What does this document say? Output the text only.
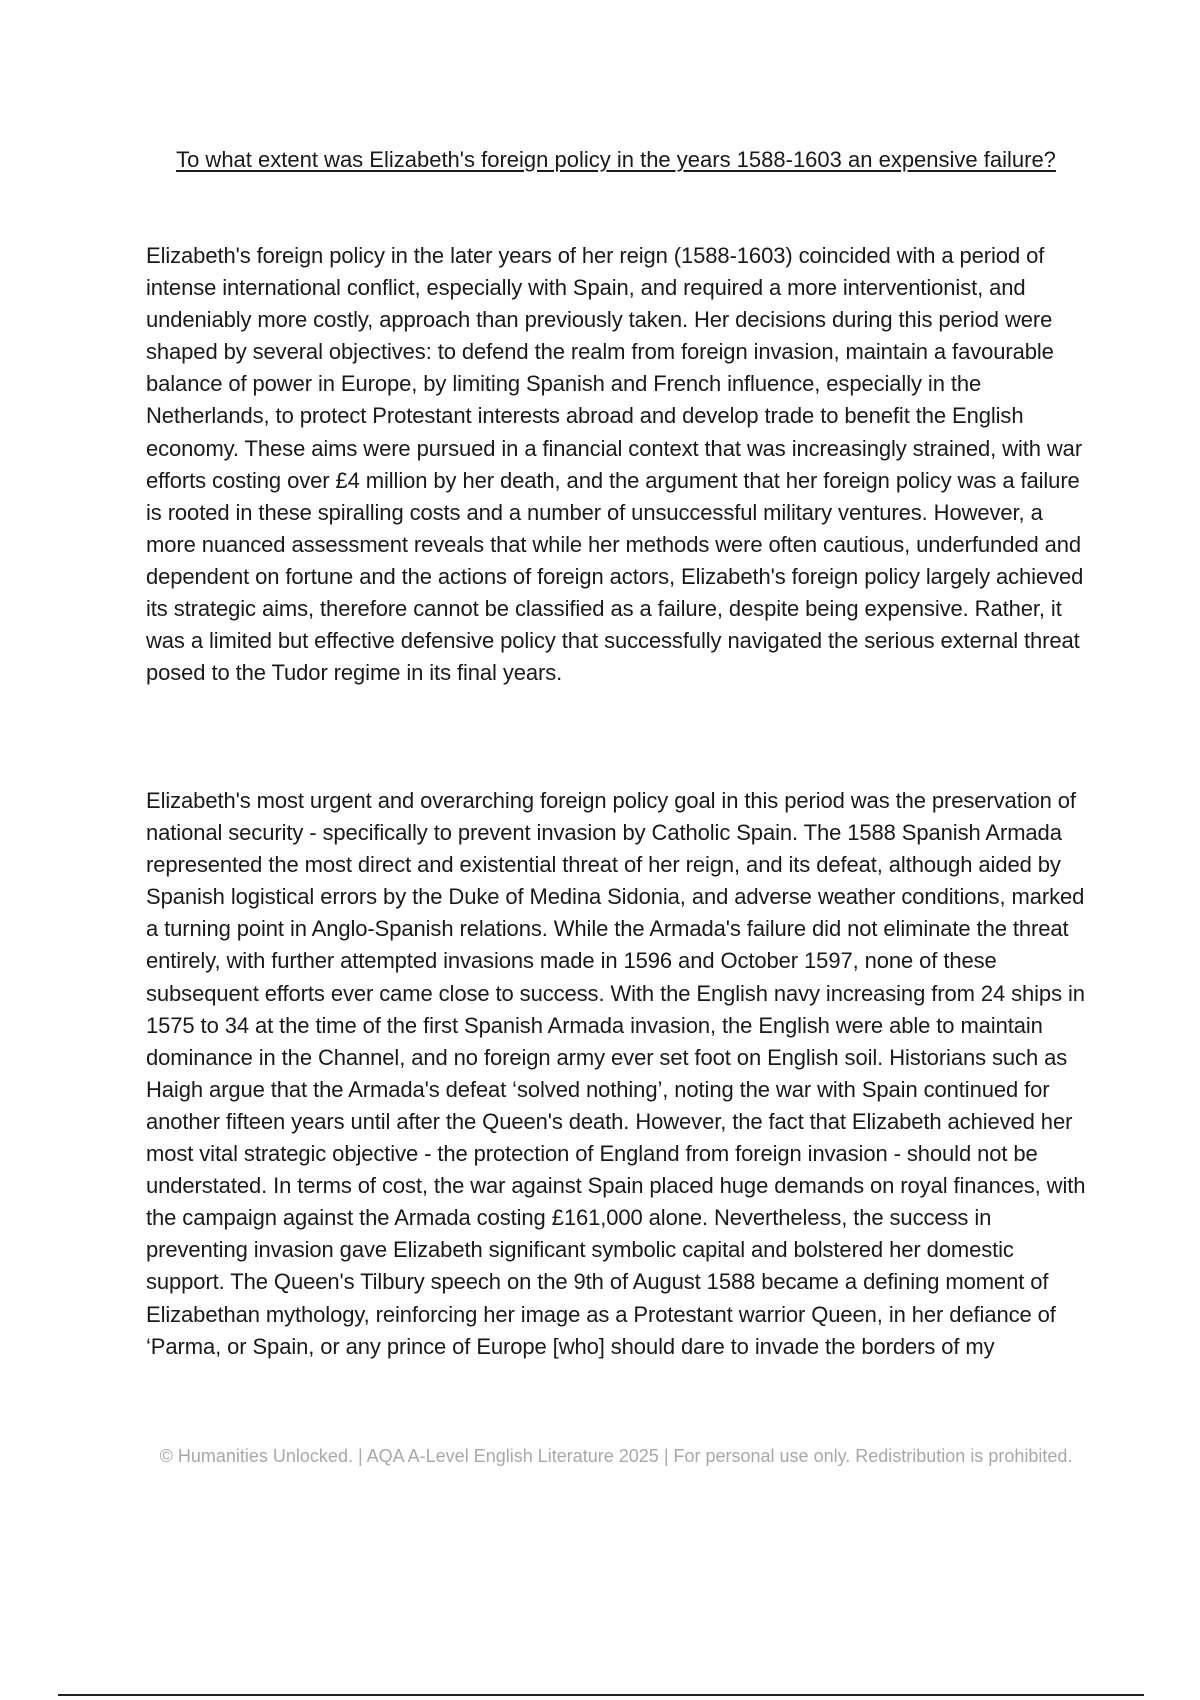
To what extent was Elizabeth's foreign policy in the years 1588-1603 an expensive failure?

Elizabeth's foreign policy in the later years of her reign (1588-1603) coincided with a period of intense international conflict, especially with Spain, and required a more interventionist, and undeniably more costly, approach than previously taken. Her decisions during this period were shaped by several objectives: to defend the realm from foreign invasion, maintain a favourable balance of power in Europe, by limiting Spanish and French influence, especially in the Netherlands, to protect Protestant interests abroad and develop trade to benefit the English economy. These aims were pursued in a financial context that was increasingly strained, with war efforts costing over £4 million by her death, and the argument that her foreign policy was a failure is rooted in these spiralling costs and a number of unsuccessful military ventures. However, a more nuanced assessment reveals that while her methods were often cautious, underfunded and dependent on fortune and the actions of foreign actors, Elizabeth's foreign policy largely achieved its strategic aims, therefore cannot be classified as a failure, despite being expensive. Rather, it was a limited but effective defensive policy that successfully navigated the serious external threat posed to the Tudor regime in its final years.

Elizabeth's most urgent and overarching foreign policy goal in this period was the preservation of national security - specifically to prevent invasion by Catholic Spain. The 1588 Spanish Armada represented the most direct and existential threat of her reign, and its defeat, although aided by Spanish logistical errors by the Duke of Medina Sidonia, and adverse weather conditions, marked a turning point in Anglo-Spanish relations. While the Armada's failure did not eliminate the threat entirely, with further attempted invasions made in 1596 and October 1597, none of these subsequent efforts ever came close to success. With the English navy increasing from 24 ships in 1575 to 34 at the time of the first Spanish Armada invasion, the English were able to maintain dominance in the Channel, and no foreign army ever set foot on English soil. Historians such as Haigh argue that the Armada's defeat ‘solved nothing’, noting the war with Spain continued for another fifteen years until after the Queen's death. However, the fact that Elizabeth achieved her most vital strategic objective - the protection of England from foreign invasion - should not be understated. In terms of cost, the war against Spain placed huge demands on royal finances, with the campaign against the Armada costing £161,000 alone. Nevertheless, the success in preventing invasion gave Elizabeth significant symbolic capital and bolstered her domestic support. The Queen's Tilbury speech on the 9th of August 1588 became a defining moment of Elizabethan mythology, reinforcing her image as a Protestant warrior Queen, in her defiance of ‘Parma, or Spain, or any prince of Europe [who] should dare to invade the borders of my

© Humanities Unlocked. | AQA A-Level English Literature 2025 | For personal use only. Redistribution is prohibited.
